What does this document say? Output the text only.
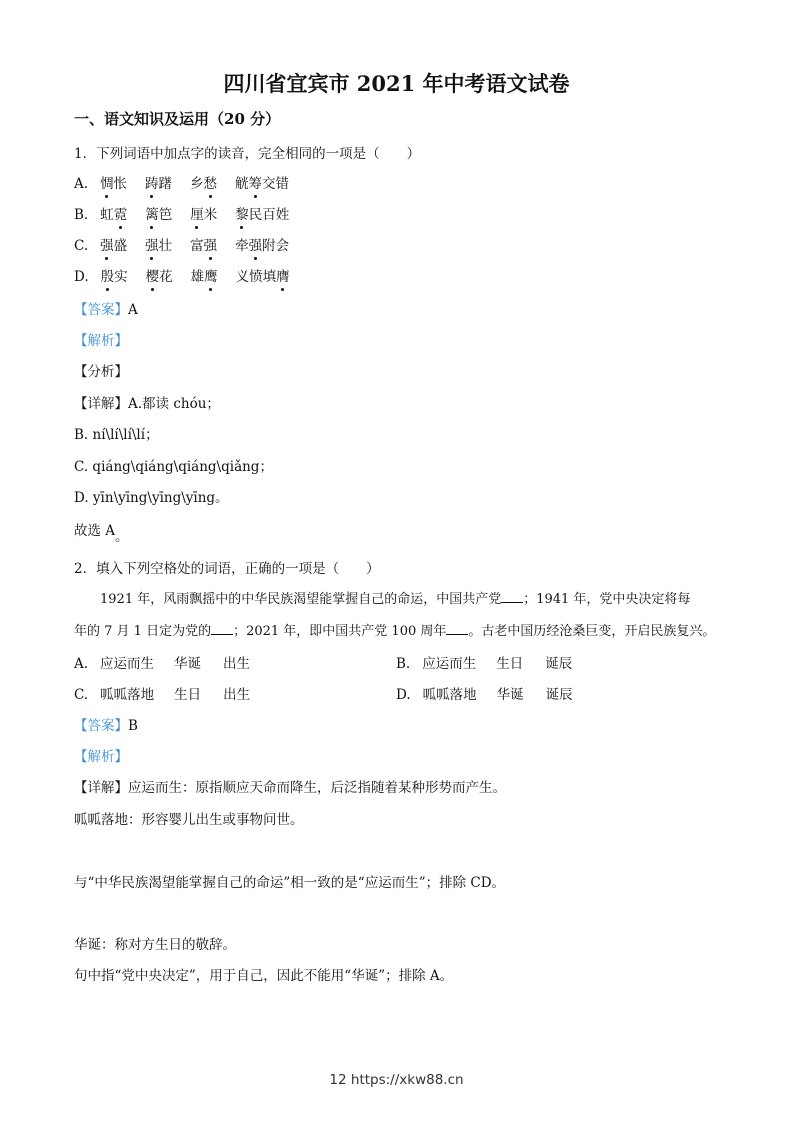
四川省宜宾市 2021 年中考语文试卷
一、语文知识及运用（20 分）
1．下列词语中加点字的读音，完全相同的一项是（　　）
A. 惆怅 踌躇 乡愁 觥筹交错
B. 虹霓 篱笆 厘米 黎民百姓
C. 强盛 强壮 富强 牵强附会
D. 殷实 樱花 雄鹰 义愤填膺
【答案】A
【解析】
【分析】
【详解】A.都读 chóu；
B. ní\lí\lí\lí；
C. qiáng\qiáng\qiáng\qiǎng；
D. yīn\yīng\yīng\yīng。
故选 A。
2．填入下列空格处的词语，正确的一项是（　　）
1921 年，风雨飘摇中的中华民族渴望能掌握自己的命运，中国共产党 ；1941 年，党中央决定将每
年的 7 月 1 日定为党的 ；2021 年，即中国共产党 100 周年 。古老中国历经沧桑巨变，开启民族复兴。
A. 应运而生 华诞 出生	B. 应运而生 生日 诞辰
C. 呱呱落地 生日 出生	D. 呱呱落地 华诞 诞辰
【答案】B
【解析】
【详解】应运而生：原指顺应天命而降生，后泛指随着某种形势而产生。
呱呱落地：形容婴儿出生或事物问世。
与“中华民族渴望能掌握自己的命运”相一致的是“应运而生”；排除 CD。
华诞：称对方生日的敬辞。
句中指“党中央决定”，用于自己，因此不能用“华诞”；排除 A。
12 https://xkw88.cn
